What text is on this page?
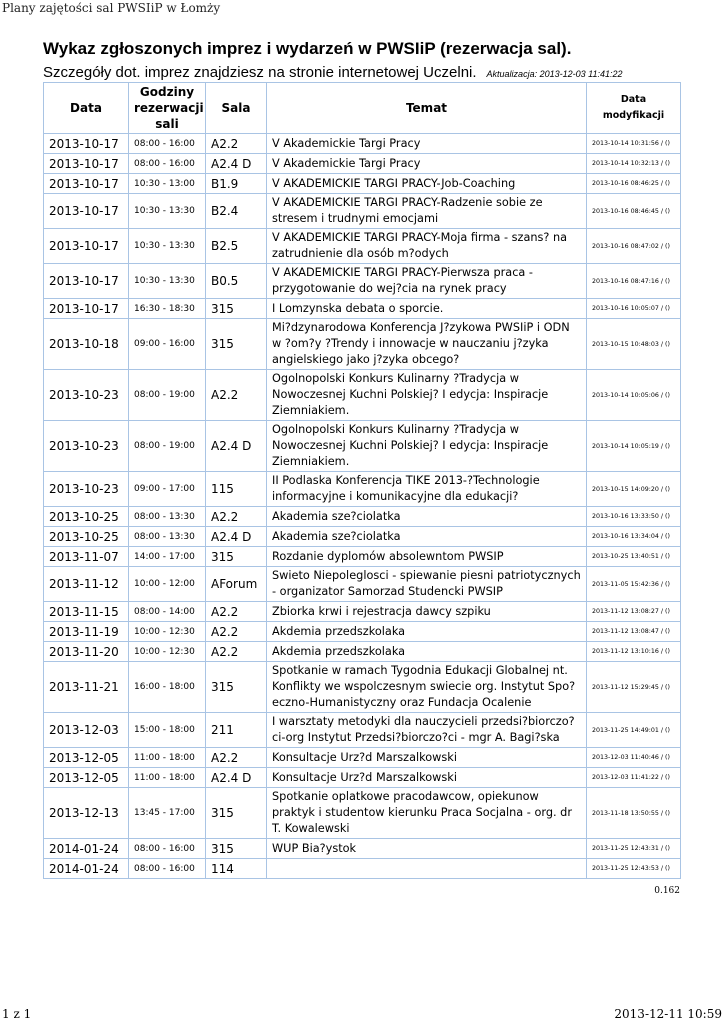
Plany zajętości sal PWSIiP w Łomży
Wykaz zgłoszonych imprez i wydarzeń w PWSIiP (rezerwacja sal).
Szczegóły dot. imprez znajdziesz na stronie internetowej Uczelni. Aktualizacja: 2013-12-03 11:41:22
Data	Godziny rezerwacji sali	Sala	Temat	Data modyfikacji
2013-10-17	08:00 - 16:00	A2.2	V Akademickie Targi Pracy	2013-10-14 10:31:56 / ()
2013-10-17	08:00 - 16:00	A2.4 D	V Akademickie Targi Pracy	2013-10-14 10:32:13 / ()
2013-10-17	10:30 - 13:00	B1.9	V AKADEMICKIE TARGI PRACY-Job-Coaching	2013-10-16 08:46:25 / ()
2013-10-17	10:30 - 13:30	B2.4	V AKADEMICKIE TARGI PRACY-Radzenie sobie ze stresem i trudnymi emocjami	2013-10-16 08:46:45 / ()
2013-10-17	10:30 - 13:30	B2.5	V AKADEMICKIE TARGI PRACY-Moja firma - szans? na zatrudnienie dla osób m?odych	2013-10-16 08:47:02 / ()
2013-10-17	10:30 - 13:30	B0.5	V AKADEMICKIE TARGI PRACY-Pierwsza praca - przygotowanie do wej?cia na rynek pracy	2013-10-16 08:47:16 / ()
2013-10-17	16:30 - 18:30	315	I Lomzynska debata o sporcie.	2013-10-16 10:05:07 / ()
2013-10-18	09:00 - 16:00	315	Mi?dzynarodowa Konferencja J?zykowa PWSIiP i ODN w ?om?y ?Trendy i innowacje w nauczaniu j?zyka angielskiego jako j?zyka obcego?	2013-10-15 10:48:03 / ()
2013-10-23	08:00 - 19:00	A2.2	Ogolnopolski Konkurs Kulinarny ?Tradycja w Nowoczesnej Kuchni Polskiej? I edycja: Inspiracje Ziemniakiem.	2013-10-14 10:05:06 / ()
2013-10-23	08:00 - 19:00	A2.4 D	Ogolnopolski Konkurs Kulinarny ?Tradycja w Nowoczesnej Kuchni Polskiej? I edycja: Inspiracje Ziemniakiem.	2013-10-14 10:05:19 / ()
2013-10-23	09:00 - 17:00	115	II Podlaska Konferencja TIKE 2013-?Technologie informacyjne i komunikacyjne dla edukacji?	2013-10-15 14:09:20 / ()
2013-10-25	08:00 - 13:30	A2.2	Akademia sze?ciolatka	2013-10-16 13:33:50 / ()
2013-10-25	08:00 - 13:30	A2.4 D	Akademia sze?ciolatka	2013-10-16 13:34:04 / ()
2013-11-07	14:00 - 17:00	315	Rozdanie dyplomów absolewntom PWSIP	2013-10-25 13:40:51 / ()
2013-11-12	10:00 - 12:00	AForum	Swieto Niepoleglosci - spiewanie piesni patriotycznych - organizator Samorzad Studencki PWSIP	2013-11-05 15:42:36 / ()
2013-11-15	08:00 - 14:00	A2.2	Zbiorka krwi i rejestracja dawcy szpiku	2013-11-12 13:08:27 / ()
2013-11-19	10:00 - 12:30	A2.2	Akdemia przedszkolaka	2013-11-12 13:08:47 / ()
2013-11-20	10:00 - 12:30	A2.2	Akdemia przedszkolaka	2013-11-12 13:10:16 / ()
2013-11-21	16:00 - 18:00	315	Spotkanie w ramach Tygodnia Edukacji Globalnej nt. Konflikty we wspolczesnym swiecie org. Instytut Spo?eczno-Humanistyczny oraz Fundacja Ocalenie	2013-11-12 15:29:45 / ()
2013-12-03	15:00 - 18:00	211	I warsztaty metodyki dla nauczycieli przedsi?biorczo?ci-org Instytut Przedsi?biorczo?ci - mgr A. Bagi?ska	2013-11-25 14:49:01 / ()
2013-12-05	11:00 - 18:00	A2.2	Konsultacje Urz?d Marszalkowski	2013-12-03 11:40:46 / ()
2013-12-05	11:00 - 18:00	A2.4 D	Konsultacje Urz?d Marszalkowski	2013-12-03 11:41:22 / ()
2013-12-13	13:45 - 17:00	315	Spotkanie oplatkowe pracodawcow, opiekunow praktyk i studentow kierunku Praca Socjalna - org. dr T. Kowalewski	2013-11-18 13:50:55 / ()
2014-01-24	08:00 - 16:00	315	WUP Bia?ystok	2013-11-25 12:43:31 / ()
2014-01-24	08:00 - 16:00	114		2013-11-25 12:43:53 / ()
0.162
1 z 1	2013-12-11 10:59
